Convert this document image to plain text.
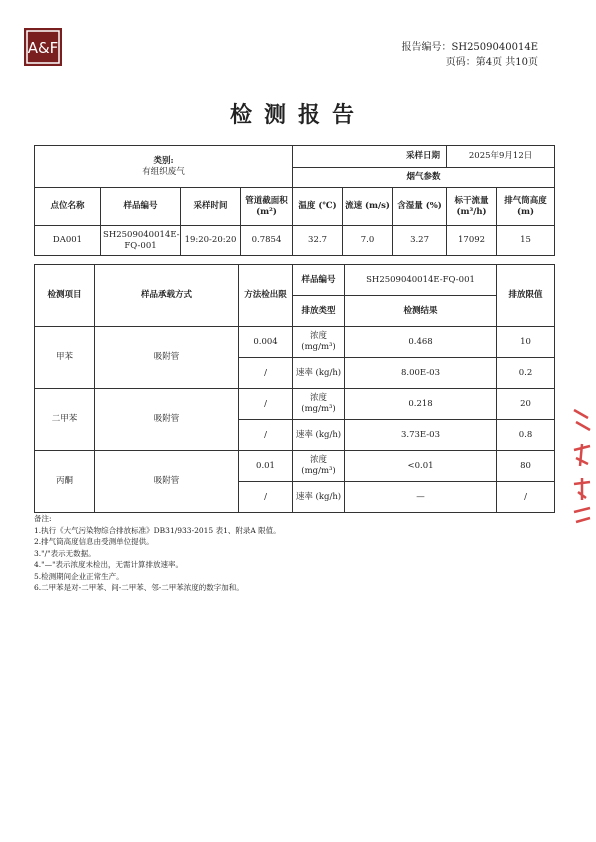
A&F	报告编号：SH2509040014E
页码：第4页 共10页
检测报告
类别:
有组织废气				采样日期			2025年9月12日	
				烟气参数				
点位名称	样品编号	采样时间	管道截面积 (m²)	温度 (℃)	流速 (m/s)	含湿量 (%)	标干流量 (m³/h)	排气筒高度 (m)
DA001	SH2509040014E-FQ-001	19:20-20:20	0.7854	32.7	7.0	3.27	17092	15
检测项目	样品承载方式	方法检出限	样品编号	SH2509040014E-FQ-001	排放限值
			排放类型	检测结果	
甲苯	吸附管	0.004	浓度 (mg/m³)	0.468	10
		/	速率 (kg/h)	8.00E-03	0.2
二甲苯	吸附管	/	浓度 (mg/m³)	0.218	20
		/	速率 (kg/h)	3.73E-03	0.8
丙酮	吸附管	0.01	浓度 (mg/m³)	<0.01	80
		/	速率 (kg/h)	—	/
备注:
1.执行《大气污染物综合排放标准》DB31/933-2015 表1、附录A 限值。
2.排气筒高度信息由受测单位提供。
3."/"表示无数据。
4."—"表示浓度未检出，无需计算排放速率。
5.检测期间企业正常生产。
6.二甲苯是对-二甲苯、间-二甲苯、邻-二甲苯浓度的数字加和。
